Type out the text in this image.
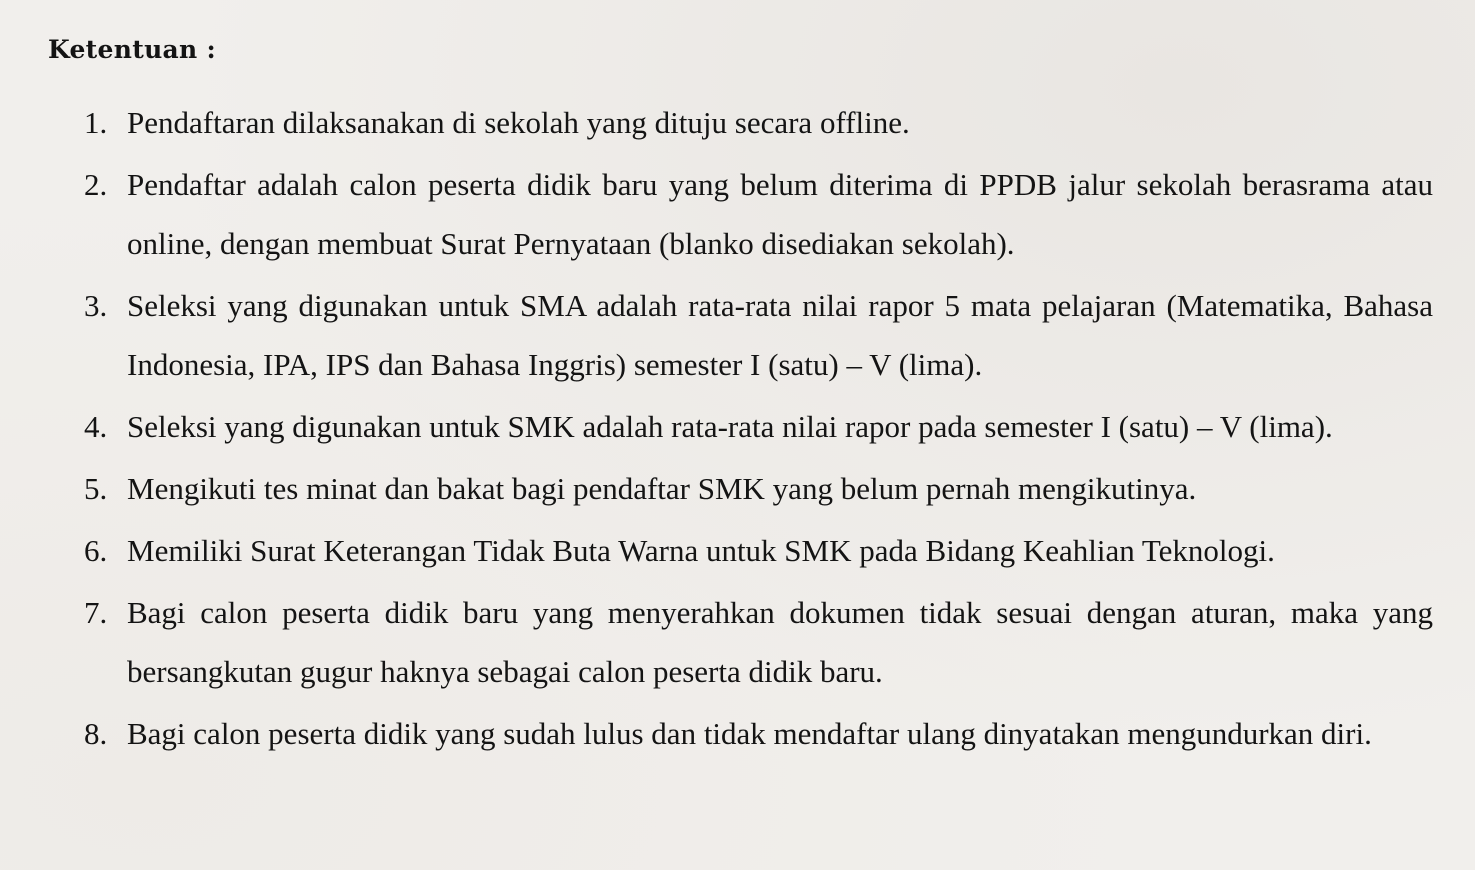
Ketentuan :
1. Pendaftaran dilaksanakan di sekolah yang dituju secara offline.
2. Pendaftar adalah calon peserta didik baru yang belum diterima di PPDB jalur sekolah berasrama atau online, dengan membuat Surat Pernyataan (blanko disediakan sekolah).
3. Seleksi yang digunakan untuk SMA adalah rata-rata nilai rapor 5 mata pelajaran (Matematika, Bahasa Indonesia, IPA, IPS dan Bahasa Inggris) semester I (satu) – V (lima).
4. Seleksi yang digunakan untuk SMK adalah rata-rata nilai rapor pada semester I (satu) – V (lima).
5. Mengikuti tes minat dan bakat bagi pendaftar SMK yang belum pernah mengikutinya.
6. Memiliki Surat Keterangan Tidak Buta Warna untuk SMK pada Bidang Keahlian Teknologi.
7. Bagi calon peserta didik baru yang menyerahkan dokumen tidak sesuai dengan aturan, maka yang bersangkutan gugur haknya sebagai calon peserta didik baru.
8. Bagi calon peserta didik yang sudah lulus dan tidak mendaftar ulang dinyatakan mengundurkan diri.
